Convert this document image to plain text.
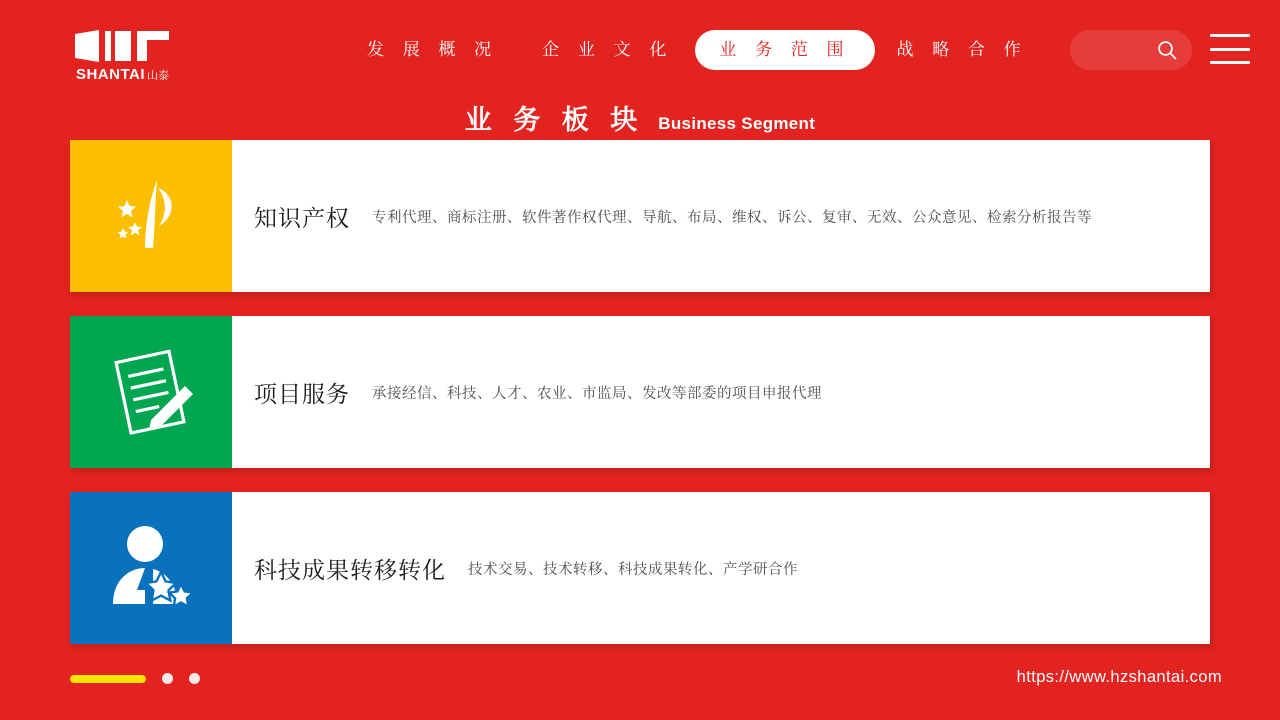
SHANTAI 山泰
发 展 概 况	企 业 文 化	业 务 范 围	战 略 合 作
业 务 板 块 Business Segment
知识产权 专利代理、商标注册、软件著作权代理、导航、布局、维权、诉公、复审、无效、公众意见、检索分析报告等
项目服务 承接经信、科技、人才、农业、市监局、发改等部委的项目申报代理
科技成果转移转化 技术交易、技术转移、科技成果转化、产学研合作
https://www.hzshantai.com
